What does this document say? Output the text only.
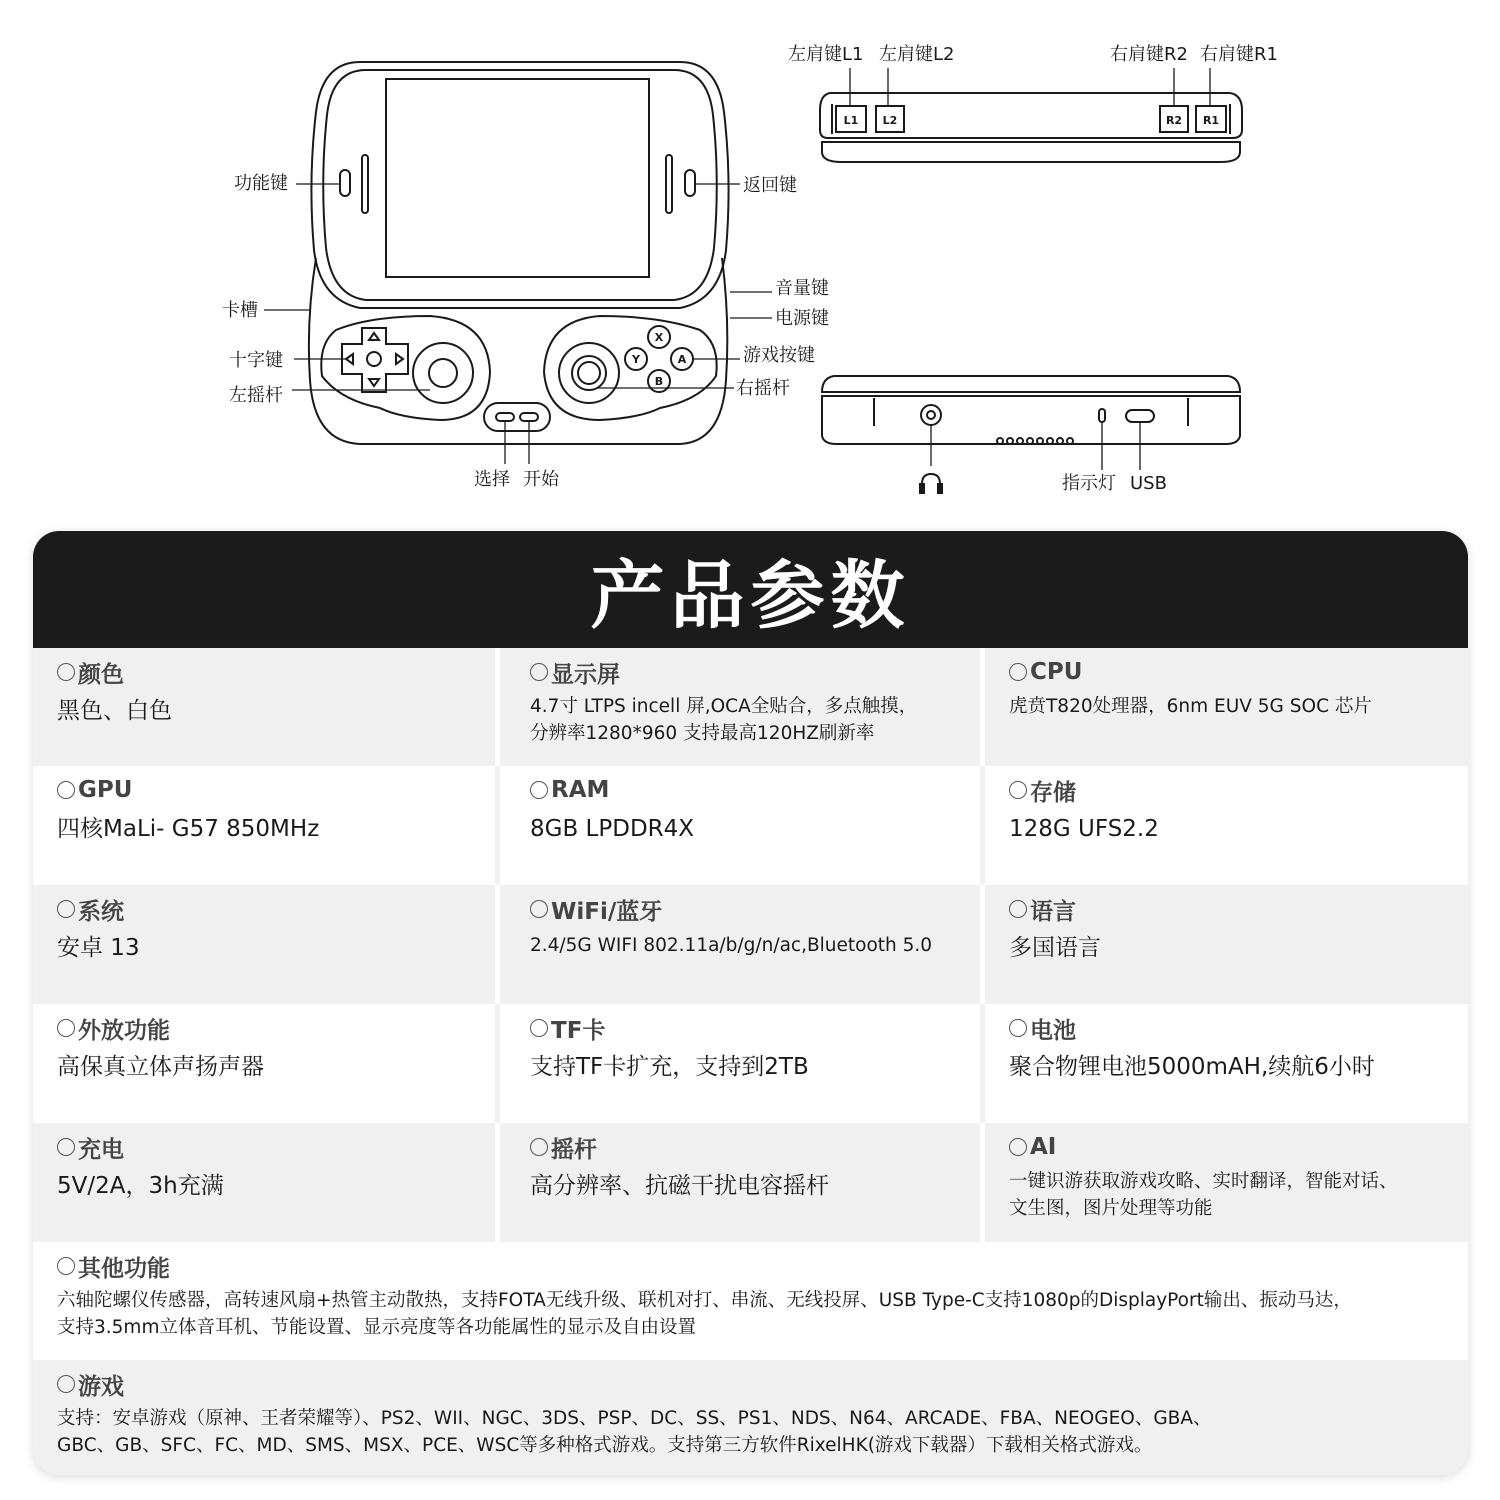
X
Y	A
B
L1 L2	R2 R1
功能键	返回键
卡槽
音量键
电源键
十字键
左摇杆
游戏按键
右摇杆
选择 开始
左肩键L1 左肩键L2	右肩键R2 右肩键R1
指示灯 USB
产品参数
颜色
黑色、白色
显示屏
4.7寸 LTPS incell 屏,OCA全贴合，多点触摸，
分辨率1280*960 支持最高120HZ刷新率
CPU
虎贲T820处理器，6nm EUV 5G SOC 芯片
GPU
四核MaLi- G57 850MHz
RAM
8GB LPDDR4X
存储
128G UFS2.2
系统
安卓 13
WiFi/蓝牙
2.4/5G WIFI 802.11a/b/g/n/ac,Bluetooth 5.0
语言
多国语言
外放功能
高保真立体声扬声器
TF卡
支持TF卡扩充，支持到2TB
电池
聚合物锂电池5000mAH,续航6小时
充电
5V/2A，3h充满
摇杆
高分辨率、抗磁干扰电容摇杆
AI
一键识游获取游戏攻略、实时翻译，智能对话、
文生图，图片处理等功能
其他功能
六轴陀螺仪传感器，高转速风扇+热管主动散热，支持FOTA无线升级、联机对打、串流、无线投屏、USB Type-C支持1080p的DisplayPort输出、振动马达，
支持3.5mm立体音耳机、节能设置、显示亮度等各功能属性的显示及自由设置
游戏
支持：安卓游戏（原神、王者荣耀等）、PS2、WII、NGC、3DS、PSP、DC、SS、PS1、NDS、N64、ARCADE、FBA、NEOGEO、GBA、
GBC、GB、SFC、FC、MD、SMS、MSX、PCE、WSC等多种格式游戏。支持第三方软件RixelHK(游戏下载器）下载相关格式游戏。
